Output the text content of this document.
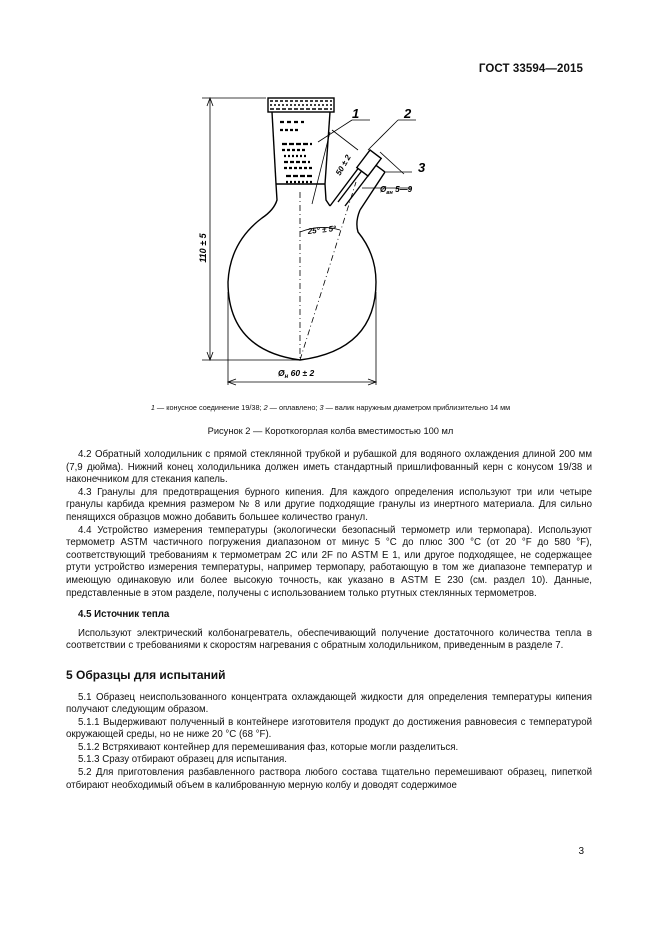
ГОСТ 33594—2015
1	2
3
110 ± 5
50 ± 2
25° ± 5°
$Ø_{вн}$ 5—9
$Ø_н$ 60 ± 2
1 — конусное соединение 19/38; 2 — оплавлено; 3 — валик наружным диаметром приблизительно 14 мм
Рисунок 2 — Короткогорлая колба вместимостью 100 мл

4.2 Обратный холодильник с прямой стеклянной трубкой и рубашкой для водяного охлаждения длиной 200 мм (7,9 дюйма). Нижний конец холодильника должен иметь стандартный пришлифованный керн с конусом 19/38 и наконечником для стекания капель.

4.3 Гранулы для предотвращения бурного кипения. Для каждого определения используют три или четыре гранулы карбида кремния размером № 8 или другие подходящие гранулы из инертного материала. Для сильно пенящихся образцов можно добавить большее количество гранул.

4.4 Устройство измерения температуры (экологически безопасный термометр или термопара). Используют термометр ASTM частичного погружения диапазоном от минус 5 °С до плюс 300 °С (от 20 °F до 580 °F), соответствующий требованиям к термометрам 2С или 2F по ASTM E 1, или другое подходящее, не содержащее ртути устройство измерения температуры, например термопару, работающую в том же диапазоне температур и имеющую одинаковую или более высокую точность, как указано в ASTM E 230 (см. раздел 10). Данные, представленные в этом разделе, получены с использованием только ртутных стеклянных термометров.

4.5 Источник тепла

Используют электрический колбонагреватель, обеспечивающий получение достаточного количества тепла в соответствии с требованиями к скоростям нагревания с обратным холодильником, приведенным в разделе 7.

5 Образцы для испытаний

5.1 Образец неиспользованного концентрата охлаждающей жидкости для определения температуры кипения получают следующим образом.

5.1.1 Выдерживают полученный в контейнере изготовителя продукт до достижения равновесия с температурой окружающей среды, но не ниже 20 °С (68 °F).

5.1.2 Встряхивают контейнер для перемешивания фаз, которые могли разделиться.

5.1.3 Сразу отбирают образец для испытания.

5.2 Для приготовления разбавленного раствора любого состава тщательно перемешивают образец, пипеткой отбирают необходимый объем в калиброванную мерную колбу и доводят содержимое

3
